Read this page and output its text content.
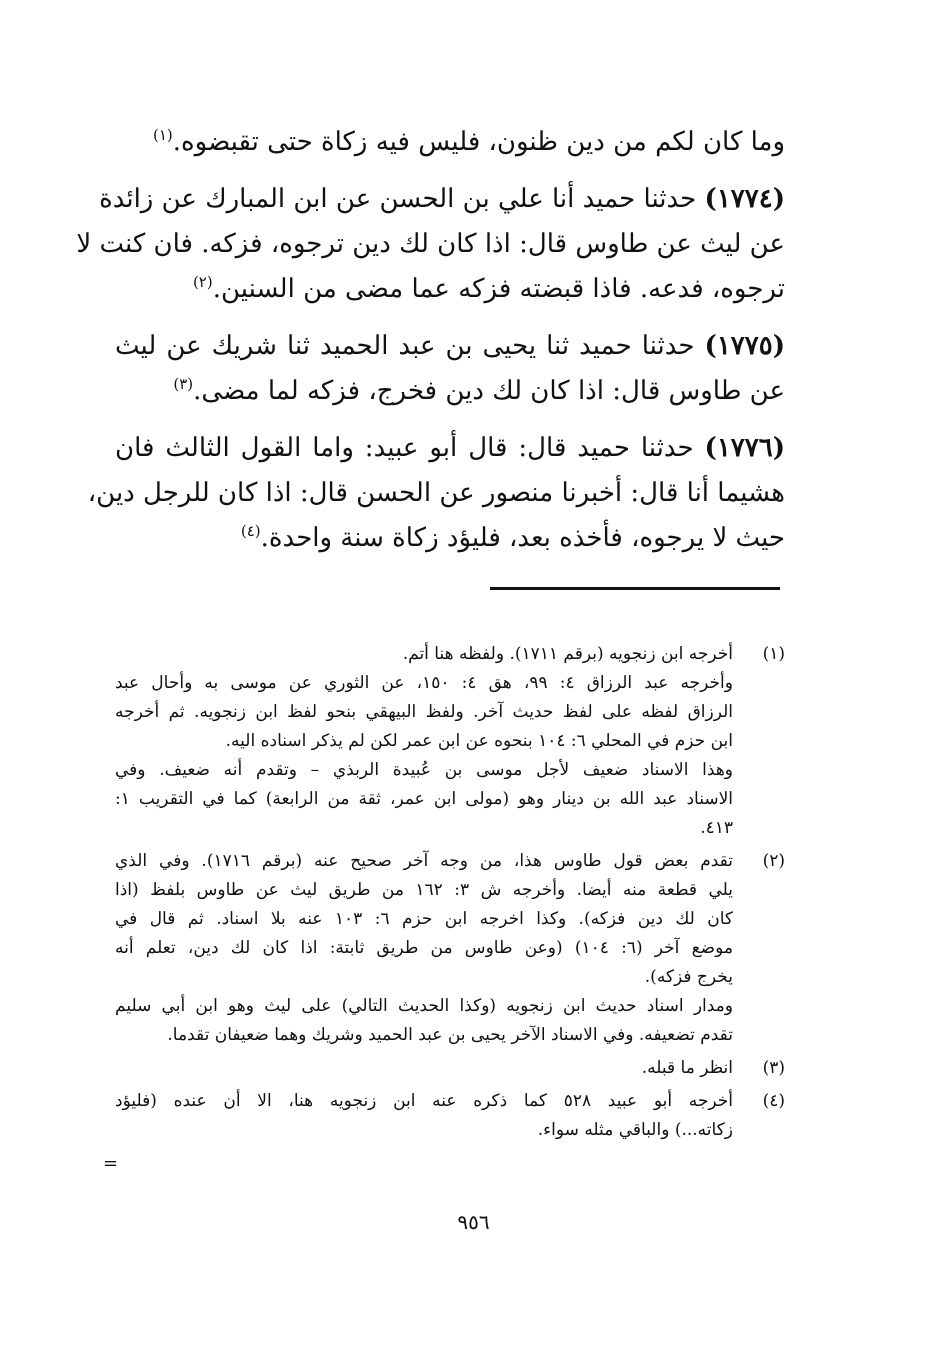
وما كان لكم من دين ظنون، فليس فيه زكاة حتى تقبضوه.$^{(١)}$
(١٧٧٤) حدثنا حميد أنا علي بن الحسن عن ابن المبارك عن زائدة
عن ليث عن طاوس قال: اذا كان لك دين ترجوه، فزكه. فان كنت لا
ترجوه، فدعه. فاذا قبضته فزكه عما مضى من السنين.$^{(٢)}$
(١٧٧٥) حدثنا حميد ثنا يحيى بن عبد الحميد ثنا شريك عن ليث
عن طاوس قال: اذا كان لك دين فخرج، فزكه لما مضى.$^{(٣)}$
(١٧٧٦) حدثنا حميد قال: قال أبو عبيد: واما القول الثالث فان
هشيما أنا قال: أخبرنا منصور عن الحسن قال: اذا كان للرجل دين،
حيث لا يرجوه، فأخذه بعد، فليؤد زكاة سنة واحدة.$^{(٤)}$
(١)
أخرجه ابن زنجويه (برقم ١٧١١). ولفظه هنا أتم.
وأخرجه عبد الرزاق ٤: ٩٩، هق ٤: ١٥٠، عن الثوري عن موسى به وأحال عبد
الرزاق لفظه على لفظ حديث آخر. ولفظ البيهقي بنحو لفظ ابن زنجويه. ثم أخرجه
ابن حزم في المحلي ٦: ١٠٤ بنحوه عن ابن عمر لكن لم يذكر اسناده اليه.
وهذا الاسناد ضعيف لأجل موسى بن عُبيدة الربذي – وتقدم أنه ضعيف. وفي
الاسناد عبد الله بن دينار وهو (مولى ابن عمر، ثقة من الرابعة) كما في التقريب ١:
٤١٣.
(٢)
تقدم بعض قول طاوس هذا، من وجه آخر صحيح عنه (برقم ١٧١٦). وفي الذي
يلي قطعة منه أيضا. وأخرجه ش ٣: ١٦٢ من طريق ليث عن طاوس بلفظ (اذا
كان لك دين فزكه). وكذا اخرجه ابن حزم ٦: ١٠٣ عنه بلا اسناد. ثم قال في
موضع آخر (٦: ١٠٤) (وعن طاوس من طريق ثابتة: اذا كان لك دين، تعلم أنه
يخرج فزكه).
ومدار اسناد حديث ابن زنجويه (وكذا الحديث التالي) على ليث وهو ابن أبي سليم
تقدم تضعيفه. وفي الاسناد الآخر يحيى بن عبد الحميد وشريك وهما ضعيفان تقدما.
(٣)
انظر ما قبله.
(٤)
أخرجه أبو عبيد ٥٢٨ كما ذكره عنه ابن زنجويه هنا، الا أن عنده (فليؤد
زكاته...) والباقي مثله سواء.
=
٩٥٦
